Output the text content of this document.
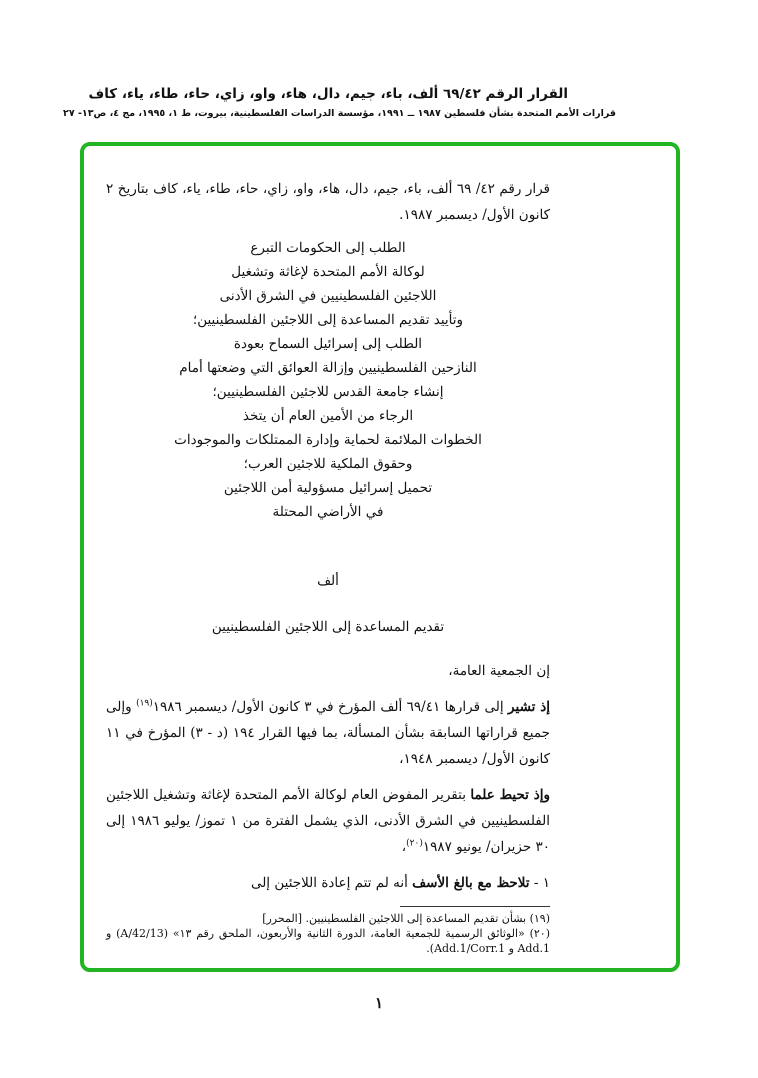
القرار الرقم ٦٩/٤٢ ألف، باء، جيم، دال، هاء، واو، زاي، حاء، طاء، ياء، كاف
قرارات الأمم المتحدة بشأن فلسطين ١٩٨٧ ــ ١٩٩١، مؤسسة الدراسات الفلسطينية، بيروت، ط ١، ١٩٩٥، مج ٤، ص١٣- ٢٧

قرار رقم ٤٢/ ٦٩ ألف، باء، جيم، دال، هاء، واو، زاي، حاء، طاء، ياء، كاف بتاريخ ٢ كانون الأول/ ديسمبر ١٩٨٧.

الطلب إلى الحكومات التبرع
لوكالة الأمم المتحدة لإغاثة وتشغيل
اللاجئين الفلسطينيين في الشرق الأدنى
وتأييد تقديم المساعدة إلى اللاجئين الفلسطينيين؛
الطلب إلى إسرائيل السماح بعودة
النازحين الفلسطينيين وإزالة العوائق التي وضعتها أمام
إنشاء جامعة القدس للاجئين الفلسطينيين؛
الرجاء من الأمين العام أن يتخذ
الخطوات الملائمة لحماية وإدارة الممتلكات والموجودات
وحقوق الملكية للاجئين العرب؛
تحميل إسرائيل مسؤولية أمن اللاجئين
في الأراضي المحتلة

ألف

تقديم المساعدة إلى اللاجئين الفلسطينيين

إن الجمعية العامة،

إذ تشير إلى قرارها ٦٩/٤١ ألف المؤرخ في ٣ كانون الأول/ ديسمبر ١٩٨٦$^{(١٩)}$ وإلى جميع قراراتها السابقة بشأن المسألة، بما فيها القرار ١٩٤ (د - ٣) المؤرخ في ١١ كانون الأول/ ديسمبر ١٩٤٨،

وإذ تحيط علما بتقرير المفوض العام لوكالة الأمم المتحدة لإغاثة وتشغيل اللاجئين الفلسطينيين في الشرق الأدنى، الذي يشمل الفترة من ١ تموز/ يوليو ١٩٨٦ إلى ٣٠ حزيران/ يونيو ١٩٨٧$^{(٢٠)}$،

١ - تلاحظ مع بالغ الأسف أنه لم تتم إعادة اللاجئين إلى

(١٩) بشأن تقديم المساعدة إلى اللاجئين الفلسطينيين. [المحرر]
(٢٠) «الوثائق الرسمية للجمعية العامة، الدورة الثانية والأربعون، الملحق رقم ١٣» (A/42/13) و Add.1 و Add.1/Corr.1).
١
